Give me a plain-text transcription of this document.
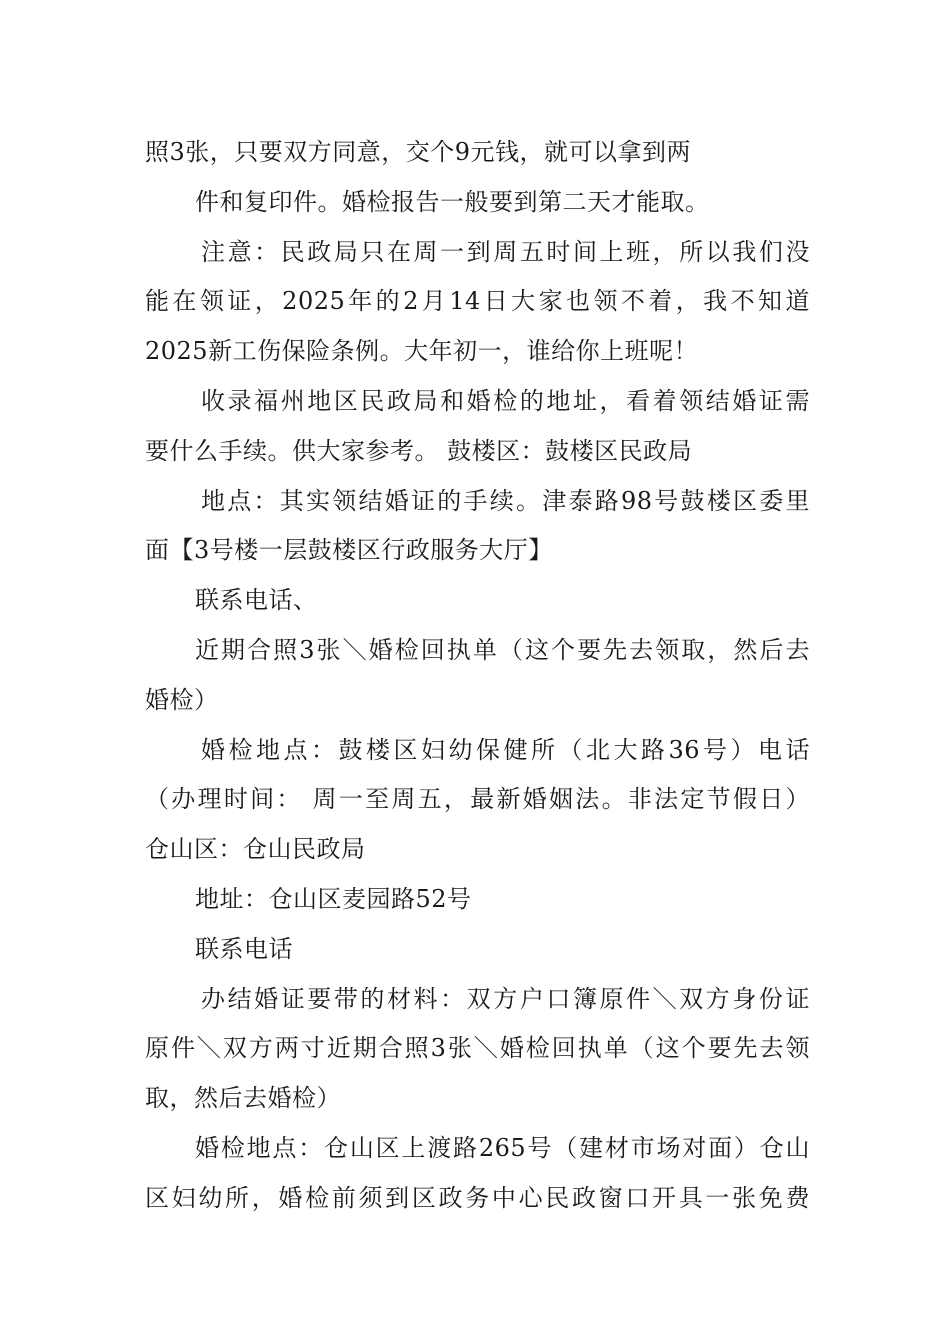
照3张，只要双方同意，交个9元钱，就可以拿到两
件和复印件。婚检报告一般要到第二天才能取。
注意：民政局只在周一到周五时间上班，所以我们没
能在领证，2025年的2月14日大家也领不着，我不知道
2025新工伤保险条例。大年初一，谁给你上班呢！
收录福州地区民政局和婚检的地址，看着领结婚证需
要什么手续。供大家参考。 鼓楼区：鼓楼区民政局
地点：其实领结婚证的手续。津泰路98号鼓楼区委里
面【3号楼一层鼓楼区行政服务大厅】
联系电话、
近期合照3张＼婚检回执单（这个要先去领取，然后去
婚检）
婚检地点：鼓楼区妇幼保健所（北大路36号）电话
（办理时间： 周一至周五，最新婚姻法。非法定节假日）
仓山区：仓山民政局
地址：仓山区麦园路52号
联系电话
办结婚证要带的材料：双方户口簿原件＼双方身份证
原件＼双方两寸近期合照3张＼婚检回执单（这个要先去领
取，然后去婚检）
婚检地点：仓山区上渡路265号（建材市场对面）仓山
区妇幼所，婚检前须到区政务中心民政窗口开具一张免费
